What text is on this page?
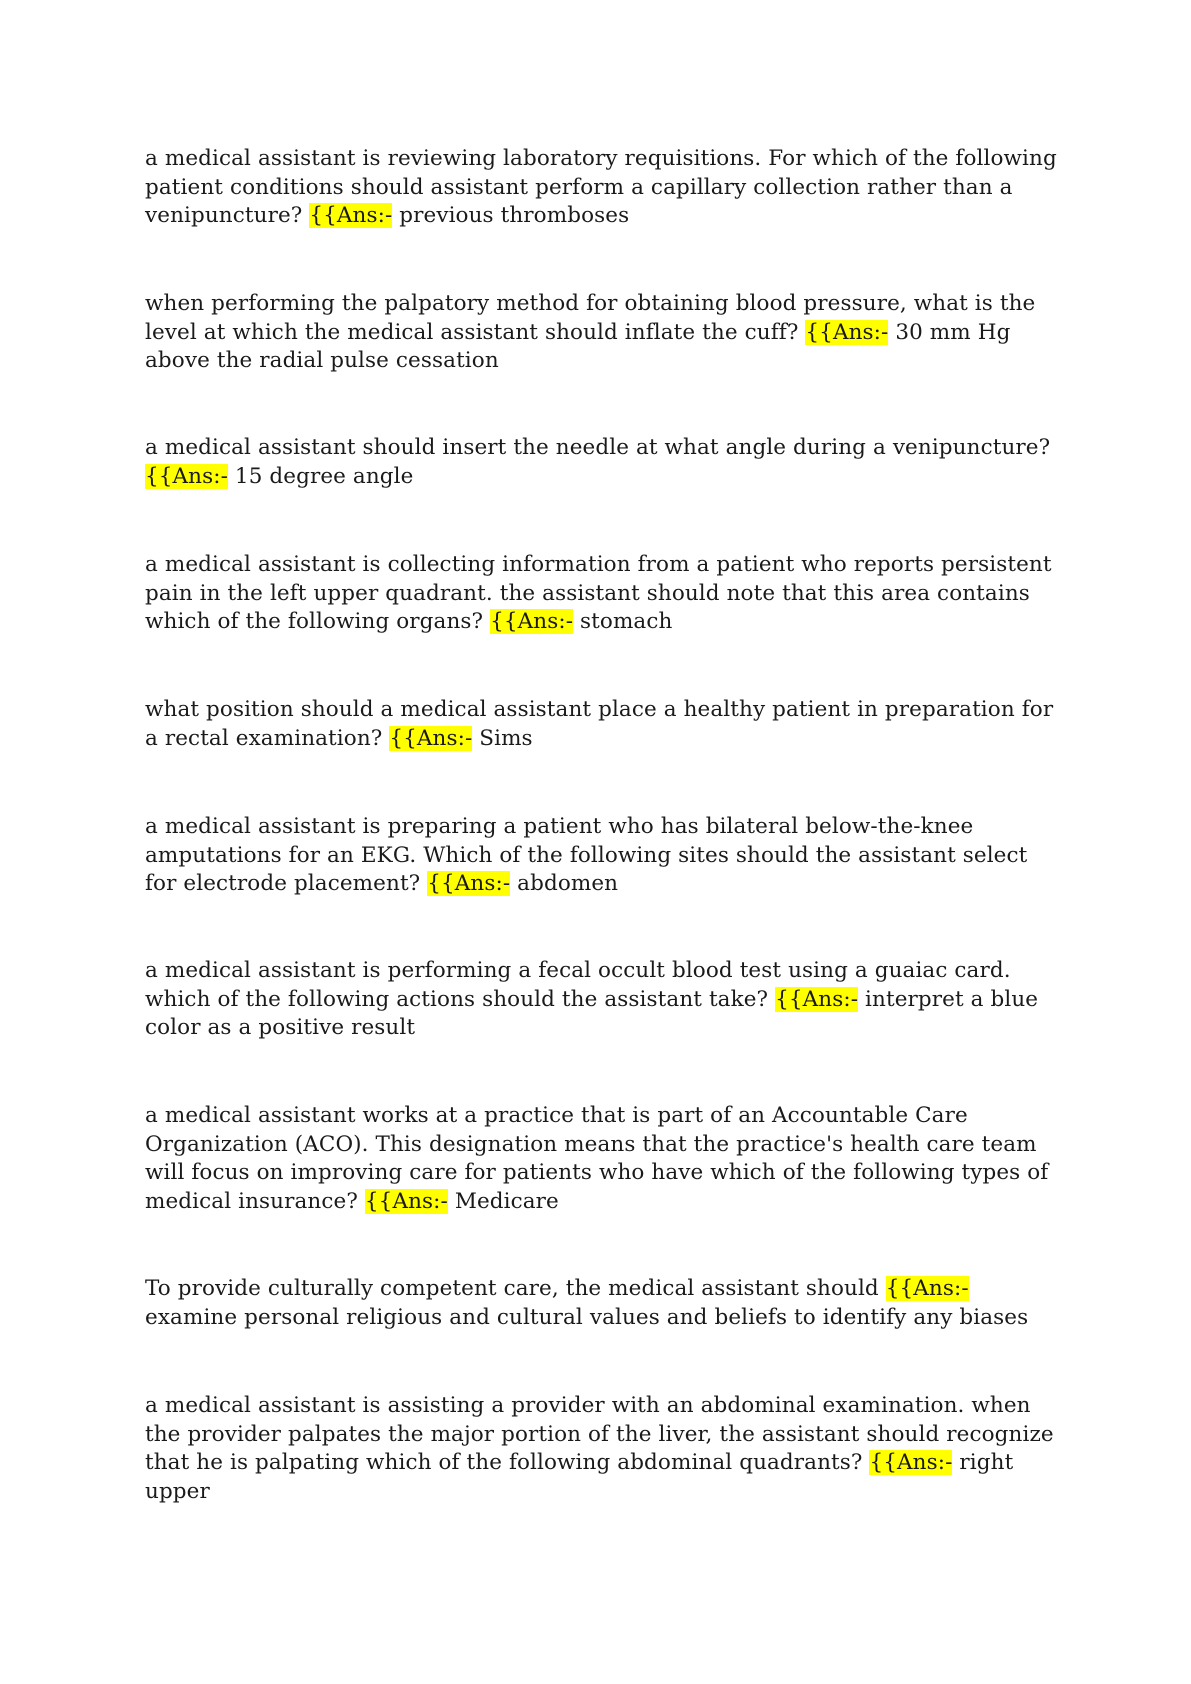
a medical assistant is reviewing laboratory requisitions. For which of the following patient conditions should assistant perform a capillary collection rather than a venipuncture? {{Ans:- previous thromboses

when performing the palpatory method for obtaining blood pressure, what is the level at which the medical assistant should inflate the cuff? {{Ans:- 30 mm Hg above the radial pulse cessation

a medical assistant should insert the needle at what angle during a venipuncture? {{Ans:- 15 degree angle

a medical assistant is collecting information from a patient who reports persistent pain in the left upper quadrant. the assistant should note that this area contains which of the following organs? {{Ans:- stomach

what position should a medical assistant place a healthy patient in preparation for a rectal examination? {{Ans:- Sims

a medical assistant is preparing a patient who has bilateral below-the-knee amputations for an EKG. Which of the following sites should the assistant select for electrode placement? {{Ans:- abdomen

a medical assistant is performing a fecal occult blood test using a guaiac card. which of the following actions should the assistant take? {{Ans:- interpret a blue color as a positive result

a medical assistant works at a practice that is part of an Accountable Care Organization (ACO). This designation means that the practice's health care team will focus on improving care for patients who have which of the following types of medical insurance? {{Ans:- Medicare

To provide culturally competent care, the medical assistant should {{Ans:- examine personal religious and cultural values and beliefs to identify any biases

a medical assistant is assisting a provider with an abdominal examination. when the provider palpates the major portion of the liver, the assistant should recognize that he is palpating which of the following abdominal quadrants? {{Ans:- right upper
